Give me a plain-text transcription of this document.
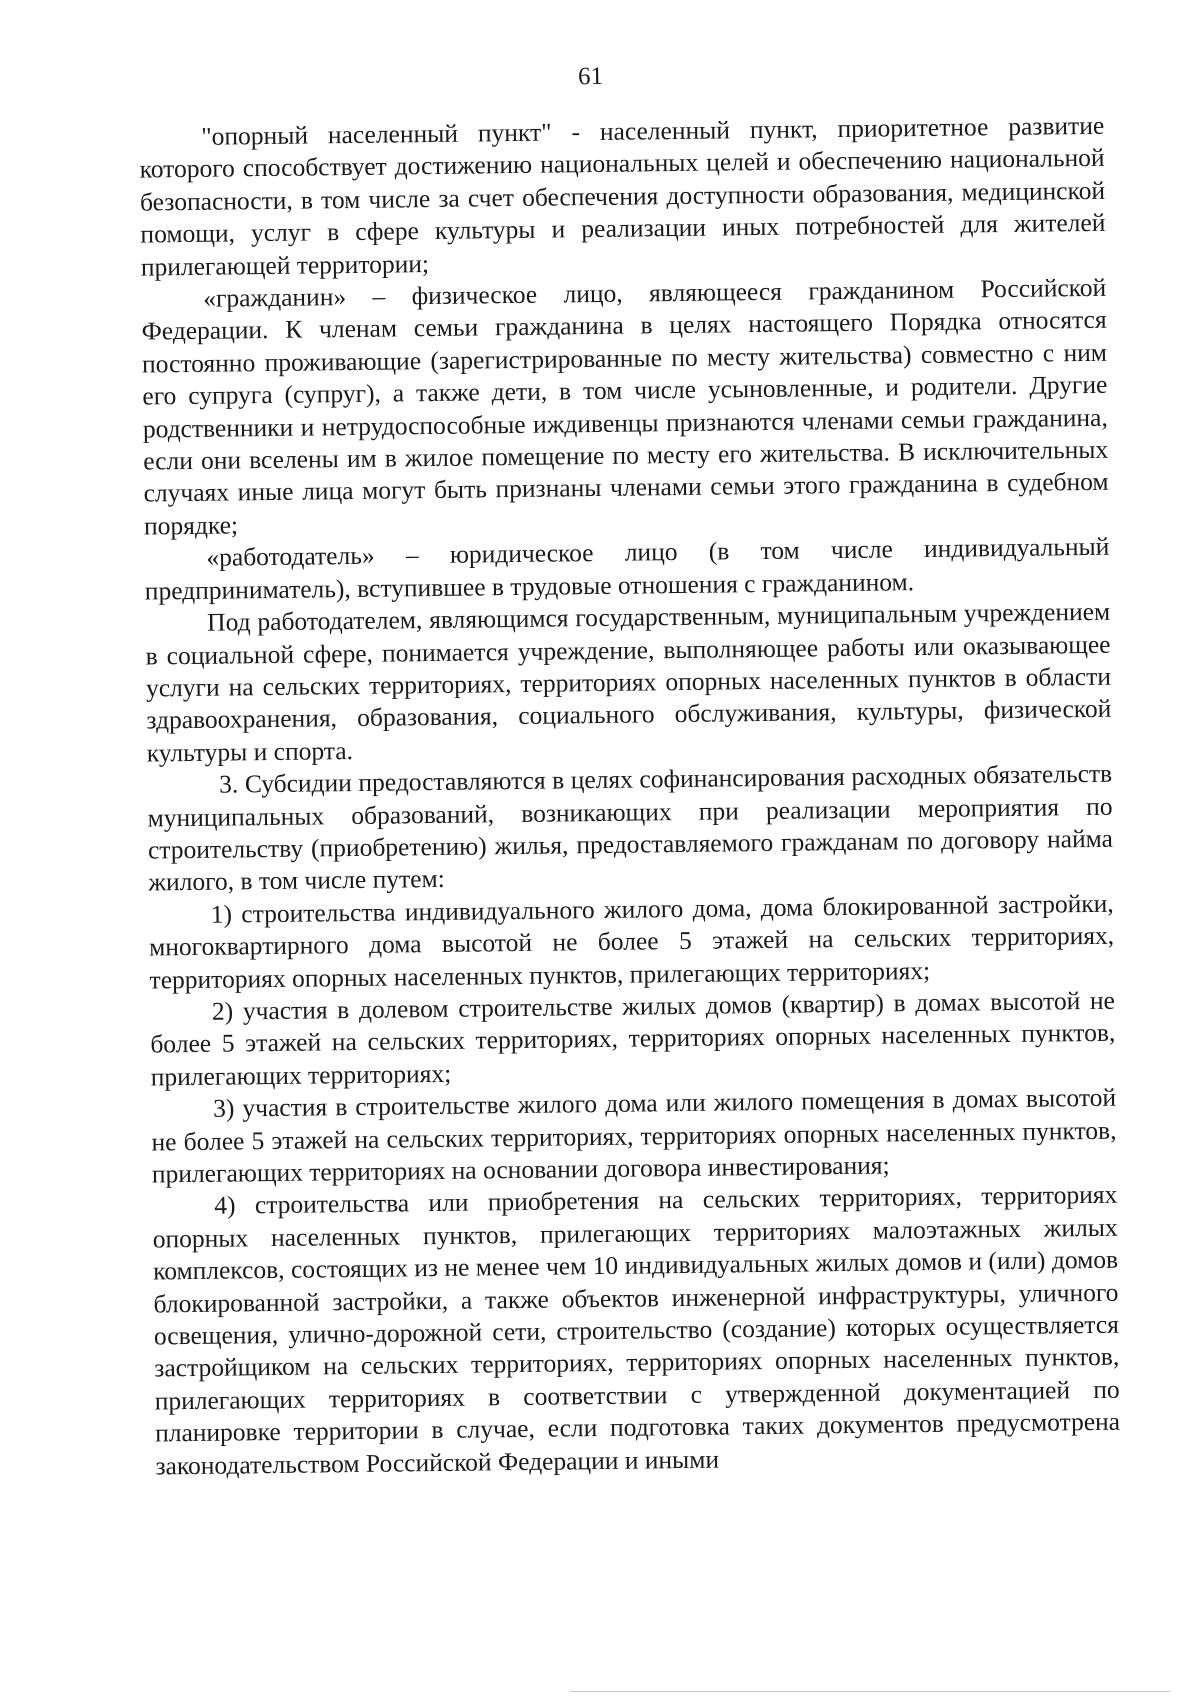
61

"опорный населенный пункт" - населенный пункт, приоритетное развитие которого способствует достижению национальных целей и обеспечению национальной безопасности, в том числе за счет обеспечения доступности образования, медицинской помощи, услуг в сфере культуры и реализации иных потребностей для жителей прилегающей территории;

«гражданин» – физическое лицо, являющееся гражданином Российской Федерации. К членам семьи гражданина в целях настоящего Порядка относятся постоянно проживающие (зарегистрированные по месту жительства) совместно с ним его супруга (супруг), а также дети, в том числе усыновленные, и родители. Другие родственники и нетрудоспособные иждивенцы признаются членами семьи гражданина, если они вселены им в жилое помещение по месту его жительства. В исключительных случаях иные лица могут быть признаны членами семьи этого гражданина в судебном порядке;

«работодатель» – юридическое лицо (в том числе индивидуальный предприниматель), вступившее в трудовые отношения с гражданином.

Под работодателем, являющимся государственным, муниципальным учреждением в социальной сфере, понимается учреждение, выполняющее работы или оказывающее услуги на сельских территориях, территориях опорных населенных пунктов в области здравоохранения, образования, социального обслуживания, культуры, физической культуры и спорта.

3. Субсидии предоставляются в целях софинансирования расходных обязательств муниципальных образований, возникающих при реализации мероприятия по строительству (приобретению) жилья, предоставляемого гражданам по договору найма жилого, в том числе путем:

1) строительства индивидуального жилого дома, дома блокированной застройки, многоквартирного дома высотой не более 5 этажей на сельских территориях, территориях опорных населенных пунктов, прилегающих территориях;

2) участия в долевом строительстве жилых домов (квартир) в домах высотой не более 5 этажей на сельских территориях, территориях опорных населенных пунктов, прилегающих территориях;

3) участия в строительстве жилого дома или жилого помещения в домах высотой не более 5 этажей на сельских территориях, территориях опорных населенных пунктов, прилегающих территориях на основании договора инвестирования;

4) строительства или приобретения на сельских территориях, территориях опорных населенных пунктов, прилегающих территориях малоэтажных жилых комплексов, состоящих из не менее чем 10 индивидуальных жилых домов и (или) домов блокированной застройки, а также объектов инженерной инфраструктуры, уличного освещения, улично-дорожной сети, строительство (создание) которых осуществляется застройщиком на сельских территориях, территориях опорных населенных пунктов, прилегающих территориях в соответствии с утвержденной документацией по планировке территории в случае, если подготовка таких документов предусмотрена законодательством Российской Федерации и иными
